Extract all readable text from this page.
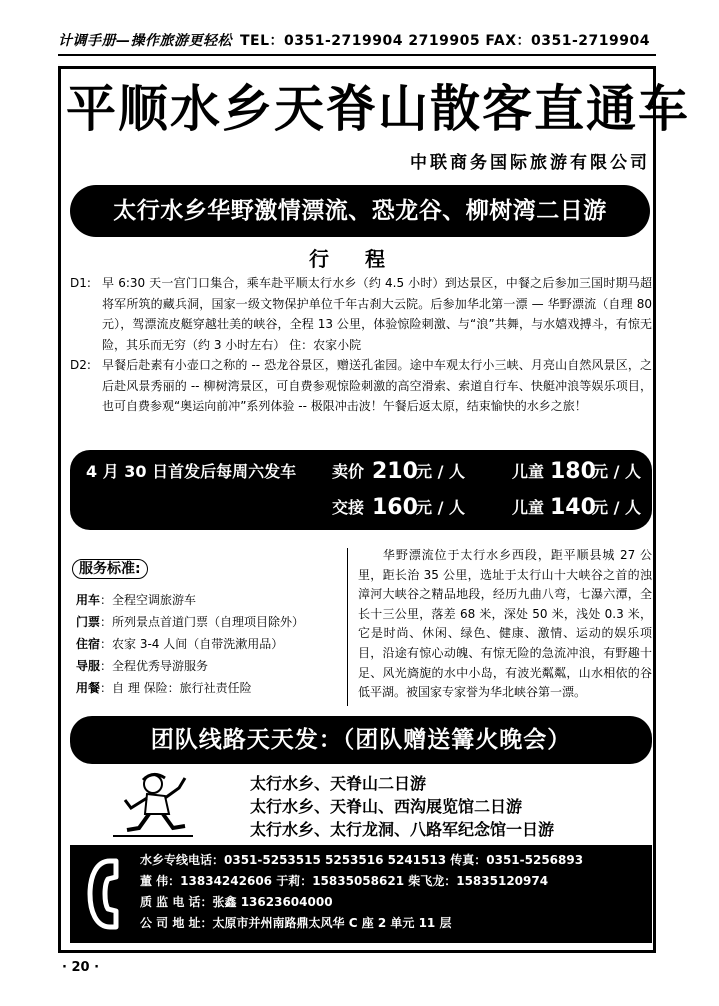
计调手册—操作旅游更轻松 TEL：0351-2719904 2719905 FAX：0351-2719904
平顺水乡天脊山散客直通车
中联商务国际旅游有限公司
太行水乡华野激情漂流、恐龙谷、柳树湾二日游
行程
D1: 早 6:30 天一宫门口集合，乘车赴平顺太行水乡（约 4.5 小时）到达景区，中餐之后参加三国时期马超将军所筑的藏兵洞，国家一级文物保护单位千年古刹大云院。后参加华北第一漂 — 华野漂流（自理 80 元），驾漂流皮艇穿越壮美的峡谷，全程 13 公里，体验惊险刺激、与“浪”共舞，与水嬉戏搏斗，有惊无险，其乐而无穷（约 3 小时左右） 住：农家小院
D2: 早餐后赴素有小壶口之称的 -- 恐龙谷景区，赠送孔雀园。途中车观太行小三峡、月亮山自然风景区，之后赴风景秀丽的 -- 柳树湾景区，可自费参观惊险刺激的高空滑索、索道自行车、快艇冲浪等娱乐项目，也可自费参观“奥运向前冲”系列体验 -- 极限冲击波！午餐后返太原，结束愉快的水乡之旅！
4 月 30 日首发后每周六发车 卖价 210
元 / 人	儿童 180
元 / 人
交接 160
元 / 人	儿童 140
元 / 人
服务标准:
用车：全程空调旅游车
门票：所列景点首道门票（自理项目除外）
住宿：农家 3-4 人间（自带洗漱用品）
导服：全程优秀导游服务
用餐：自 理 保险：旅行社责任险
华野漂流位于太行水乡西段，距平顺县城 27 公里，距长治 35 公里，选址于太行山十大峡谷之首的浊漳河大峡谷之精品地段，经历九曲八弯，七瀑六潭，全长十三公里，落差 68 米，深处 50 米，浅处 0.3 米，它是时尚、休闲、绿色、健康、激情、运动的娱乐项目，沿途有惊心动魄、有惊无险的急流冲浪，有野趣十足、风光旖旎的水中小岛，有波光粼粼，山水相依的谷低平湖。被国家专家誉为华北峡谷第一漂。
团队线路天天发：（团队赠送篝火晚会）
太行水乡、天脊山二日游
太行水乡、天脊山、西沟展览馆二日游
太行水乡、太行龙洞、八路军纪念馆一日游
水乡专线电话：0351-5253515 5253516 5241513 传真：0351-5256893
董 伟：13834242606 于莉：15835058621 柴飞龙：15835120974
质 监 电 话：张鑫 13623604000
公 司 地 址：太原市并州南路鼎太风华 C 座 2 单元 11 层
· 20 ·
